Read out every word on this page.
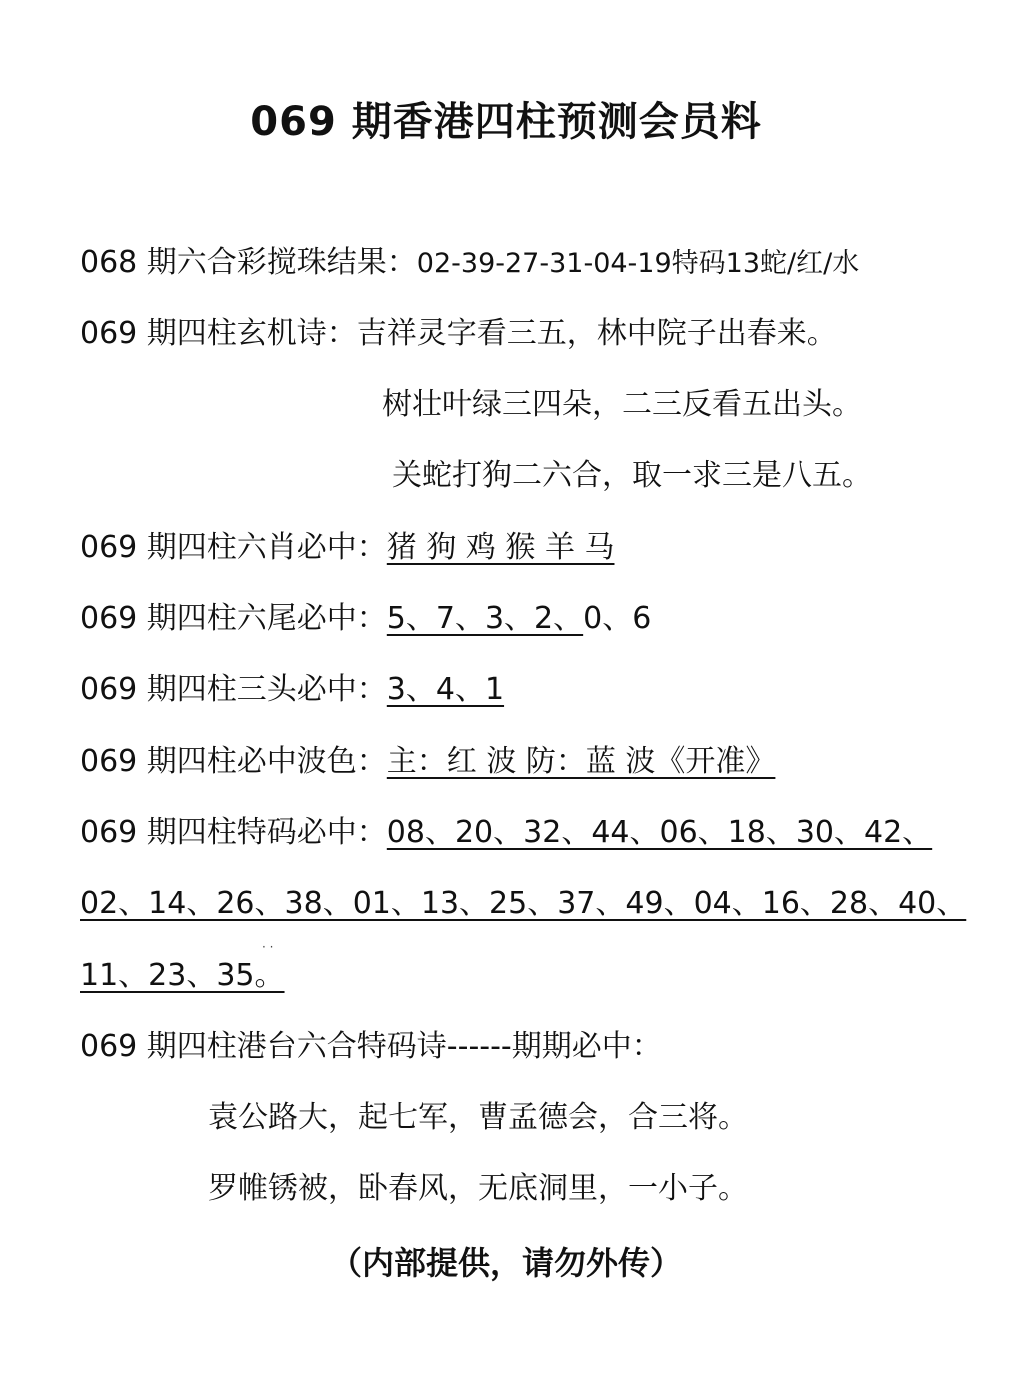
069 期香港四柱预测会员料
068 期六合彩搅珠结果：02-39-27-31-04-19特码13蛇/红/水
069 期四柱玄机诗：吉祥灵字看三五，林中院子出春来。
树壮叶绿三四朵，二三反看五出头。
关蛇打狗二六合，取一求三是八五。
069 期四柱六肖必中：猪 狗 鸡 猴 羊 马
069 期四柱六尾必中：5、7、3、2、0、6
069 期四柱三头必中：3、4、1
069 期四柱必中波色：主：红 波 防：蓝 波《开准》
069 期四柱特码必中：08、20、32、44、06、18、30、42、
02、14、26、38、01、13、25、37、49、04、16、28、40、
· ·
11、23、35。
069 期四柱港台六合特码诗------期期必中：
袁公路大，起七军，曹孟德会，合三将。
罗帷锈被，卧春风，无底洞里，一小子。
（内部提供，请勿外传）
